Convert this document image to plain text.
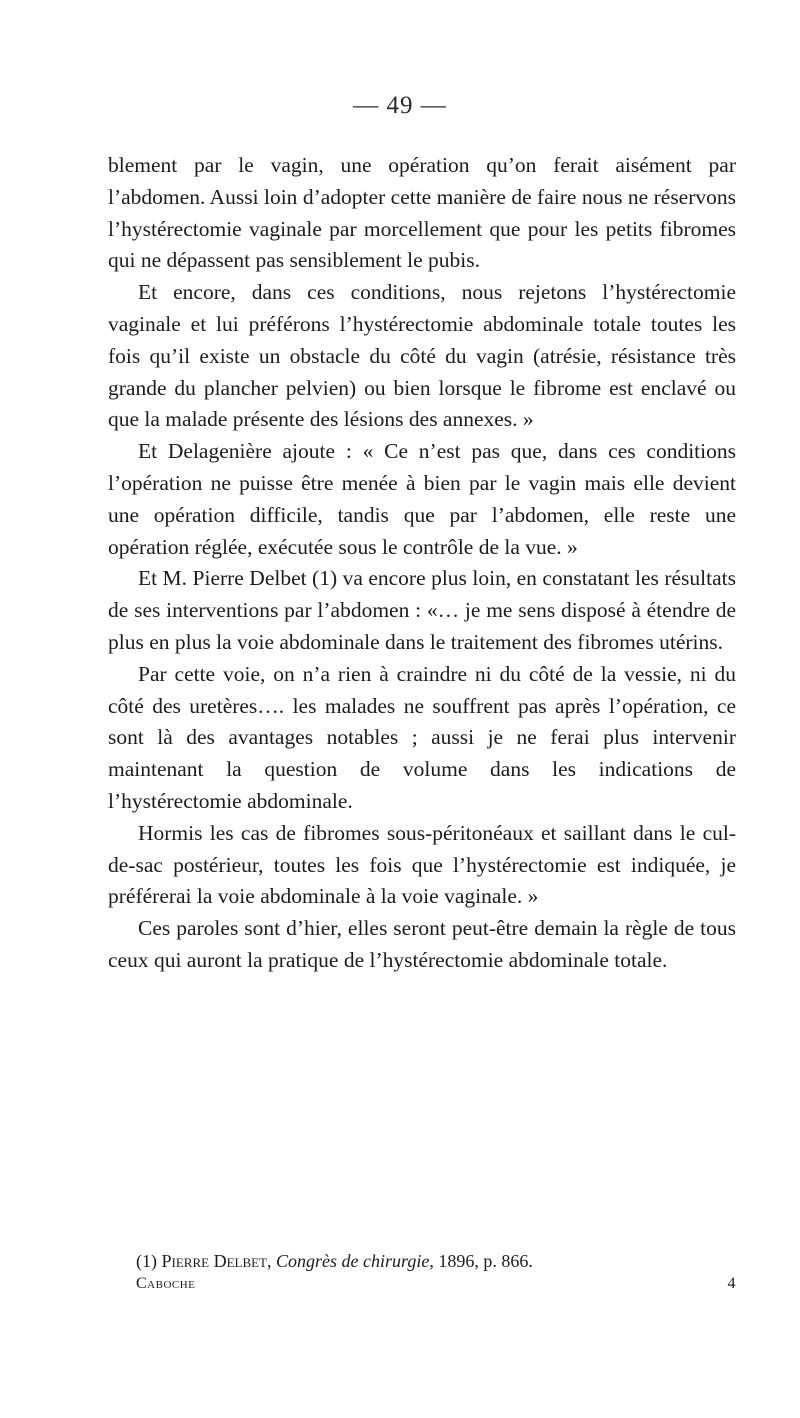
— 49 —

blement par le vagin, une opération qu’on ferait aisément par l’abdomen. Aussi loin d’adopter cette manière de faire nous ne réservons l’hystérectomie vaginale par morcellement que pour les petits fibromes qui ne dépassent pas sensiblement le pubis.

Et encore, dans ces conditions, nous rejetons l’hystérectomie vaginale et lui préférons l’hystérectomie abdominale totale toutes les fois qu’il existe un obstacle du côté du vagin (atrésie, résistance très grande du plancher pelvien) ou bien lorsque le fibrome est enclavé ou que la malade présente des lésions des annexes. »

Et Delagenière ajoute : « Ce n’est pas que, dans ces conditions l’opération ne puisse être menée à bien par le vagin mais elle devient une opération difficile, tandis que par l’abdomen, elle reste une opération réglée, exécutée sous le contrôle de la vue. »

Et M. Pierre Delbet (1) va encore plus loin, en constatant les résultats de ses interventions par l’abdomen : «… je me sens disposé à étendre de plus en plus la voie abdominale dans le traitement des fibromes utérins.

Par cette voie, on n’a rien à craindre ni du côté de la vessie, ni du côté des uretères…. les malades ne souffrent pas après l’opération, ce sont là des avantages notables ; aussi je ne ferai plus intervenir maintenant la question de volume dans les indications de l’hystérectomie abdominale.

Hormis les cas de fibromes sous-péritonéaux et saillant dans le cul-de-sac postérieur, toutes les fois que l’hystérectomie est indiquée, je préférerai la voie abdominale à la voie vaginale. »

Ces paroles sont d’hier, elles seront peut-être demain la règle de tous ceux qui auront la pratique de l’hystérectomie abdominale totale.

(1) Pierre Delbet, Congrès de chirurgie, 1896, p. 866.
Caboche	4
